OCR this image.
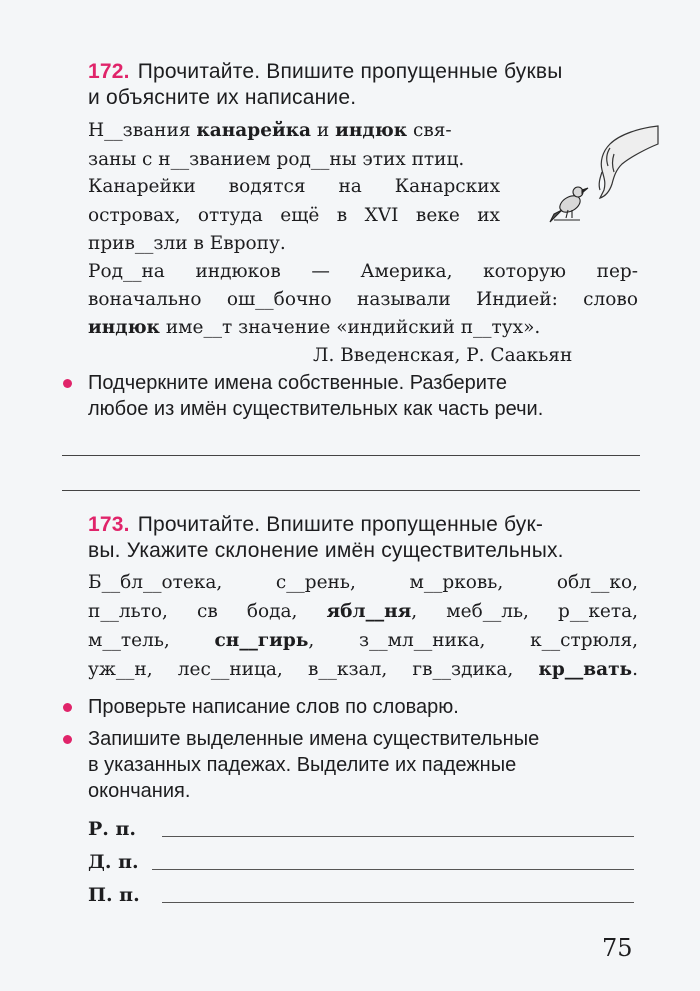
172. Прочитайте. Впишите пропущенные буквы
и объясните их написание.
Н__звания канарейка и индюк свя-
заны с н__званием род__ны этих птиц.
Канарейки водятся на Канарских
островах, оттуда ещё в XVI веке их
прив__зли в Европу.
Род__на индюков — Америка, которую пер-
воначально ош__бочно называли Индией: слово
индюк име__т значение «индийский п__тух».
Л. Введенская, Р. Саакьян
Подчеркните имена собственные. Разберите
любое из имён существительных как часть речи.
173. Прочитайте. Впишите пропущенные бук-
вы. Укажите склонение имён существительных.
Б__бл__отека, с__рень, м__рковь, обл__ко,
п__льто, св бода, ябл__ня, меб__ль, р__кета,
м__тель, сн__гирь, з__мл__ника, к__стрюля,
уж__н, лес__ница, в__кзал, гв__здика, кр__вать.
Проверьте написание слов по словарю.
Запишите выделенные имена существительные
в указанных падежах. Выделите их падежные
окончания.
Р. п.
Д. п.
П. п.
75
